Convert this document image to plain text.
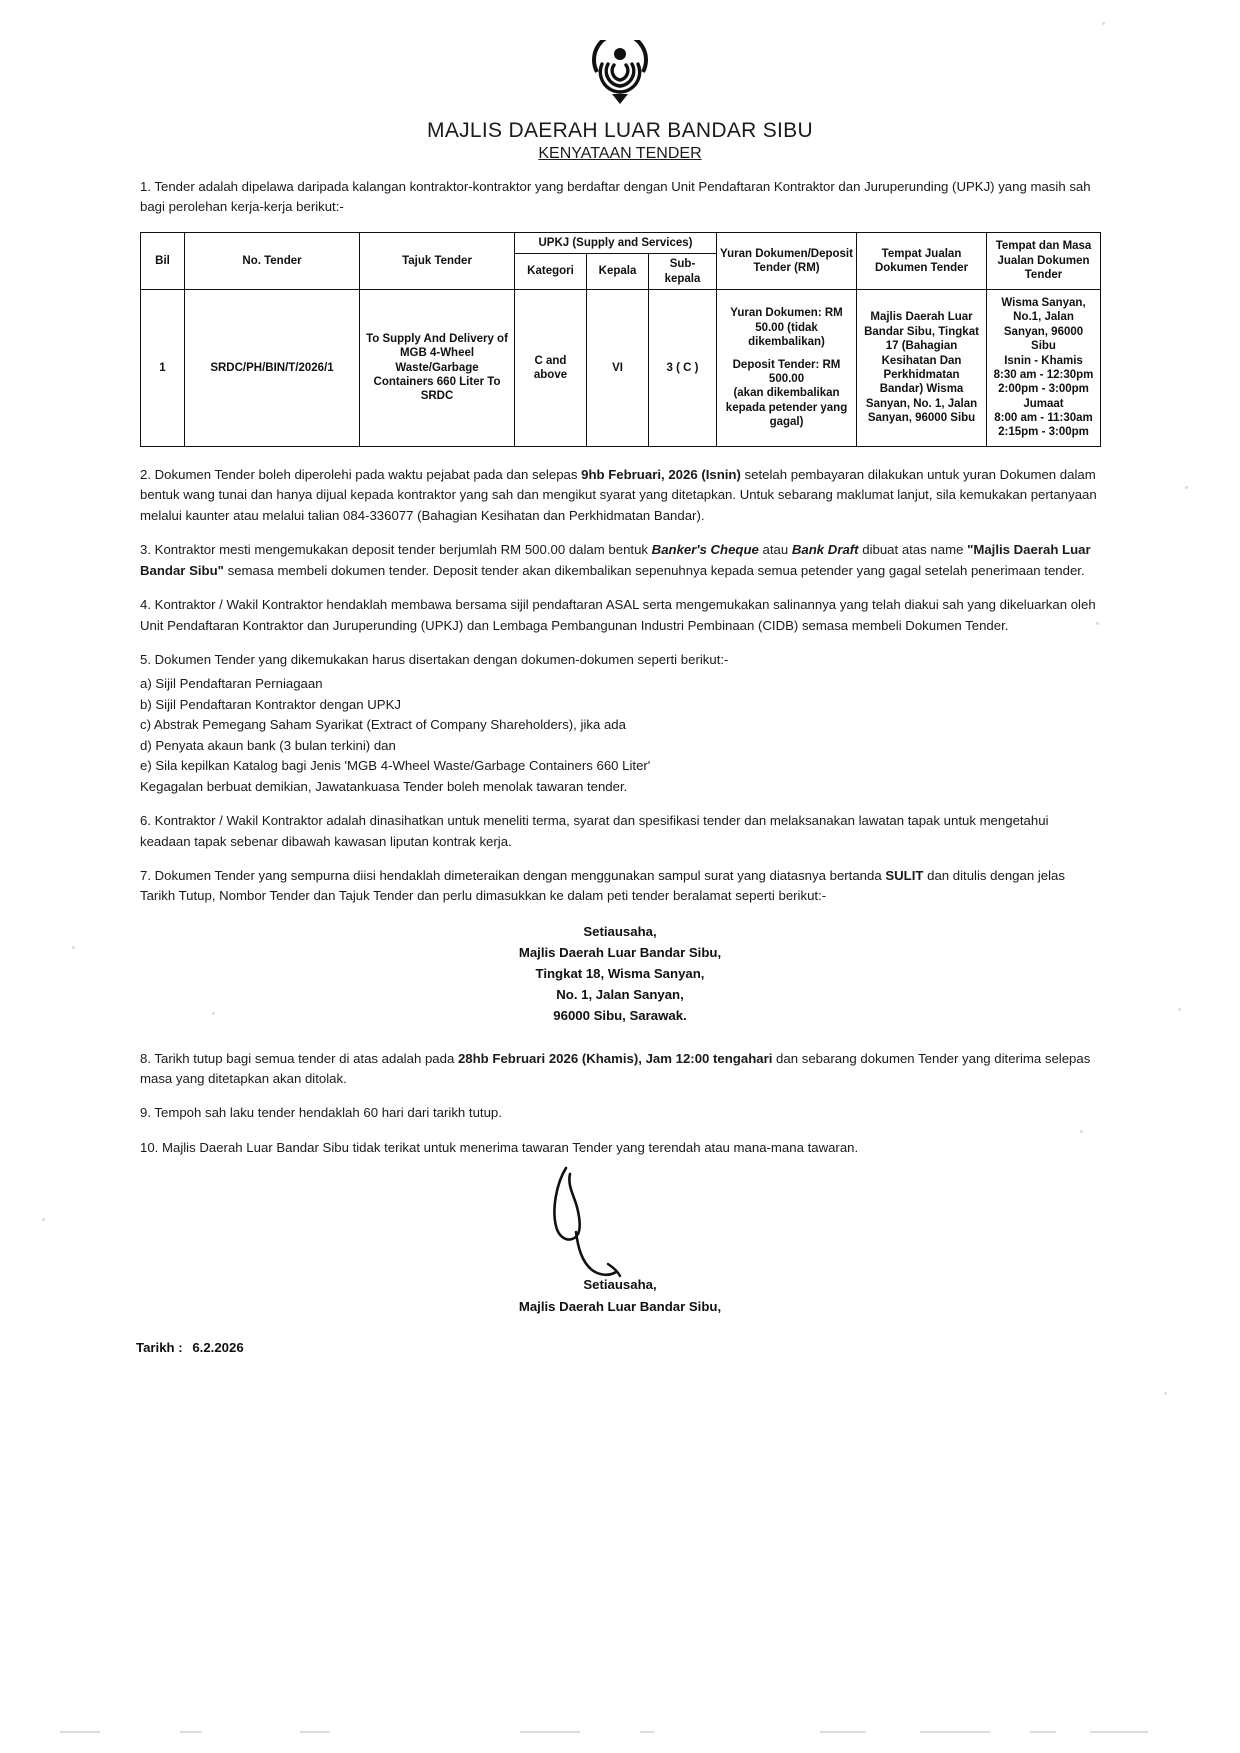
MAJLIS DAERAH LUAR BANDAR SIBU
KENYATAAN TENDER

1. Tender adalah dipelawa daripada kalangan kontraktor-kontraktor yang berdaftar dengan Unit Pendaftaran Kontraktor dan Juruperunding (UPKJ) yang masih sah bagi perolehan kerja-kerja berikut:-

Bil	No. Tender	Tajuk Tender	UPKJ (Supply and Services)			Yuran Dokumen/Deposit Tender (RM)	Tempat Jualan Dokumen Tender	Tempat dan Masa Jualan Dokumen Tender
			Kategori	Kepala	Sub-kepala			
1	SRDC/PH/BIN/T/2026/1	To Supply And Delivery of MGB 4-Wheel Waste/Garbage Containers 660 Liter To SRDC	C and above	VI	3 ( C )	Yuran Dokumen: RM 50.00 (tidak dikembalikan)
Deposit Tender: RM 500.00
(akan dikembalikan kepada petender yang gagal)	Majlis Daerah Luar Bandar Sibu, Tingkat 17 (Bahagian Kesihatan Dan Perkhidmatan Bandar) Wisma Sanyan, No. 1, Jalan Sanyan, 96000 Sibu	Wisma Sanyan, No.1, Jalan Sanyan, 96000 Sibu
Isnin - Khamis
8:30 am - 12:30pm
2:00pm - 3:00pm
Jumaat
8:00 am - 11:30am
2:15pm - 3:00pm

2. Dokumen Tender boleh diperolehi pada waktu pejabat pada dan selepas 9hb Februari, 2026 (Isnin) setelah pembayaran dilakukan untuk yuran Dokumen dalam bentuk wang tunai dan hanya dijual kepada kontraktor yang sah dan mengikut syarat yang ditetapkan. Untuk sebarang maklumat lanjut, sila kemukakan pertanyaan melalui kaunter atau melalui talian 084-336077 (Bahagian Kesihatan dan Perkhidmatan Bandar).

3. Kontraktor mesti mengemukakan deposit tender berjumlah RM 500.00 dalam bentuk Banker's Cheque atau Bank Draft dibuat atas name "Majlis Daerah Luar Bandar Sibu" semasa membeli dokumen tender. Deposit tender akan dikembalikan sepenuhnya kepada semua petender yang gagal setelah penerimaan tender.

4. Kontraktor / Wakil Kontraktor hendaklah membawa bersama sijil pendaftaran ASAL serta mengemukakan salinannya yang telah diakui sah yang dikeluarkan oleh Unit Pendaftaran Kontraktor dan Juruperunding (UPKJ) dan Lembaga Pembangunan Industri Pembinaan (CIDB) semasa membeli Dokumen Tender.

5. Dokumen Tender yang dikemukakan harus disertakan dengan dokumen-dokumen seperti berikut:-

a) Sijil Pendaftaran Perniagaan
b) Sijil Pendaftaran Kontraktor dengan UPKJ
c) Abstrak Pemegang Saham Syarikat (Extract of Company Shareholders), jika ada
d) Penyata akaun bank (3 bulan terkini) dan
e) Sila kepilkan Katalog bagi Jenis 'MGB 4-Wheel Waste/Garbage Containers 660 Liter'
Kegagalan berbuat demikian, Jawatankuasa Tender boleh menolak tawaran tender.

6. Kontraktor / Wakil Kontraktor adalah dinasihatkan untuk meneliti terma, syarat dan spesifikasi tender dan melaksanakan lawatan tapak untuk mengetahui keadaan tapak sebenar dibawah kawasan liputan kontrak kerja.

7. Dokumen Tender yang sempurna diisi hendaklah dimeteraikan dengan menggunakan sampul surat yang diatasnya bertanda SULIT dan ditulis dengan jelas Tarikh Tutup, Nombor Tender dan Tajuk Tender dan perlu dimasukkan ke dalam peti tender beralamat seperti berikut:-

Setiausaha,
Majlis Daerah Luar Bandar Sibu,
Tingkat 18, Wisma Sanyan,
No. 1, Jalan Sanyan,
96000 Sibu, Sarawak.

8. Tarikh tutup bagi semua tender di atas adalah pada 28hb Februari 2026 (Khamis), Jam 12:00 tengahari dan sebarang dokumen Tender yang diterima selepas masa yang ditetapkan akan ditolak.

9. Tempoh sah laku tender hendaklah 60 hari dari tarikh tutup.

10. Majlis Daerah Luar Bandar Sibu tidak terikat untuk menerima tawaran Tender yang terendah atau mana-mana tawaran.

Setiausaha,
Majlis Daerah Luar Bandar Sibu,
Tarikh : 6.2.2026
